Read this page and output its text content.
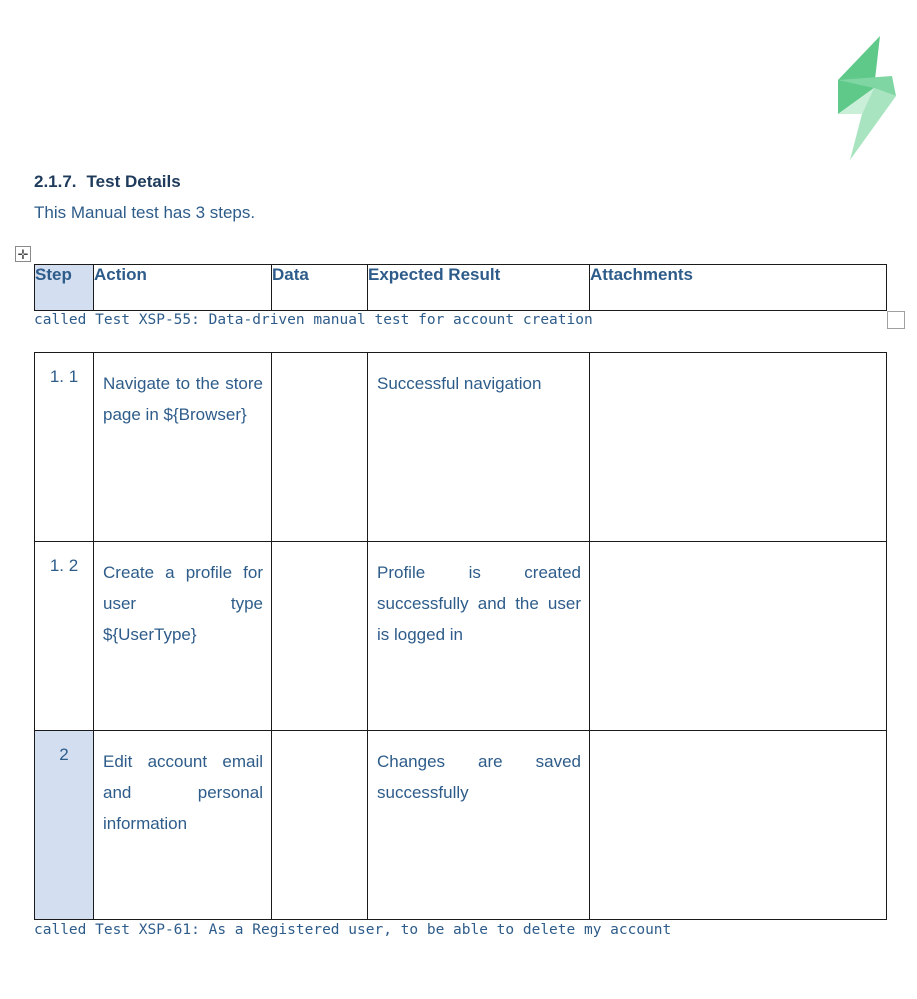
2.1.7. Test Details
This Manual test has 3 steps.
✛
Step	Action	Data	Expected Result	Attachments
called Test XSP-55: Data-driven manual test for account creation
1. 1	Navigate to the store page in ${Browser}		Successful navigation	
1. 2	Create a profile for user type ${UserType}		Profile is created successfully and the user is logged in	
2	Edit account email and personal information		Changes are saved successfully	
called Test XSP-61: As a Registered user, to be able to delete my account
